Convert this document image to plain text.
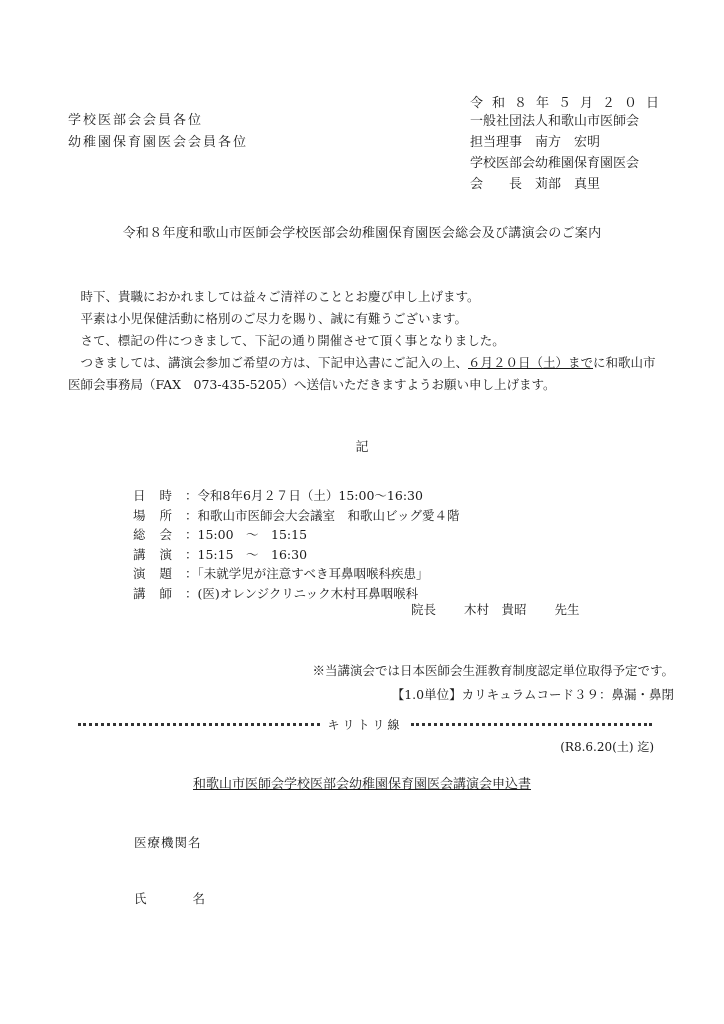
令和８年５月２０日
学校医部会会員各位
幼稚園保育園医会会員各位
一般社団法人和歌山市医師会
担当理事　南方　宏明
学校医部会幼稚園保育園医会
会　　長　苅部　真里
令和８年度和歌山市医師会学校医部会幼稚園保育園医会総会及び講演会のご案内

時下、貴職におかれましては益々ご清祥のこととお慶び申し上げます。

平素は小児保健活動に格別のご尽力を賜り、誠に有難うございます。

さて、標記の件につきまして、下記の通り開催させて頂く事となりました。

つきましては、講演会参加ご希望の方は、下記申込書にご記入の上、６月２０日（土）までに和歌山市医師会事務局（FAX　073-435-5205）へ送信いただきますようお願い申し上げます。

記
日時
：令和8年6月２７日（土）15:00～16:30
場所
：和歌山市医師会大会議室　和歌山ビッグ愛４階
総会
：15:00　～　15:15
講演
：15:15　～　16:30
演題
：「未就学児が注意すべき耳鼻咽喉科疾患」
講師
：(医)オレンジクリニック木村耳鼻咽喉科
院長 木村　貴昭 先生
※当講演会では日本医師会生涯教育制度認定単位取得予定です。
【1.0単位】カリキュラムコード３９：鼻漏・鼻閉
キリトリ線
(R8.6.20(土) 迄)
和歌山市医師会学校医部会幼稚園保育園医会講演会申込書
医療機関名
氏	名
